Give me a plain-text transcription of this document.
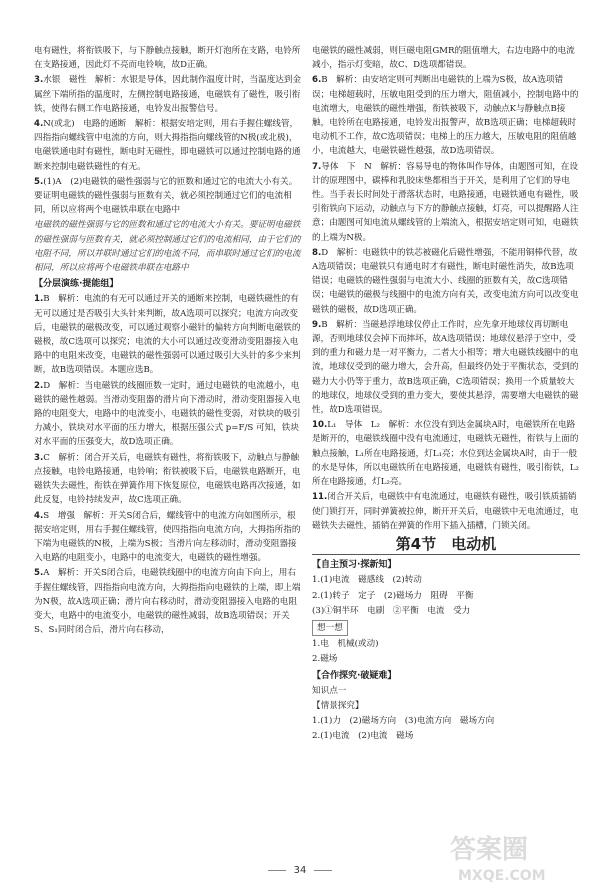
电有磁性，将衔铁吸下，与下静触点接触，断开灯泡所在支路，电铃所在支路接通，因此灯不亮而电铃响，故D正确。

3.水银　磁性　解析：水银是导体，因此制作温度计时，当温度达到金属丝下端所指的温度时，左侧控制电路接通，电磁铁有了磁性，吸引衔铁，使得右侧工作电路接通，电铃发出报警信号。

4.N(或北)　电路的通断　解析：根据安培定则，用右手握住螺线管，四指指向螺线管中电流的方向，则大拇指指向螺线管的N极(或北极)，电磁铁通电时有磁性，断电时无磁性，即电磁铁可以通过控制电路的通断来控制电磁铁磁性的有无。

5.(1)A　(2)电磁铁的磁性强弱与它的匝数和通过它的电流大小有关。要证明电磁铁的磁性强弱与匝数有关，就必须控制通过它们的电流相同，所以应将两个电磁铁串联在电路中

电磁铁的磁性强弱与它的匝数和通过它的电流大小有关。要证明电磁铁的磁性强弱与匝数有关，就必须控制通过它们的电流相同，由于它们的电阻不同，所以并联时通过它们的电流不同，而串联时通过它们的电流相同，所以应将两个电磁铁串联在电路中

【分层演练·提能组】

1.B　解析：电流的有无可以通过开关的通断来控制，电磁铁磁性的有无可以通过是否吸引大头针来判断，故A选项可以探究；电流方向改变后，电磁铁的磁极改变，可以通过观察小磁针的偏转方向判断电磁铁的磁极，故C选项可以探究；电流的大小可以通过改变滑动变阻器接入电路中的电阻来改变，电磁铁的磁性强弱可以通过吸引大头针的多少来判断，故B选项错误。本题应选B。

2.D　解析：当电磁铁的线圈匝数一定时，通过电磁铁的电流越小，电磁铁的磁性越弱。当滑动变阻器的滑片向下滑动时，滑动变阻器接入电路的电阻变大，电路中的电流变小，电磁铁的磁性变弱，对铁块的吸引力减小，铁块对水平面的压力增大，根据压强公式 p=F/S 可知，铁块对水平面的压强变大，故D选项正确。

3.C　解析：闭合开关后，电磁铁有磁性，将衔铁吸下，动触点与静触点接触，电铃电路接通，电铃响；衔铁被吸下后，电磁铁电路断开，电磁铁失去磁性，衔铁在弹簧作用下恢复原位，电磁铁电路再次接通，如此反复，电铃持续发声，故C选项正确。

4.S　增强　解析：开关S闭合后，螺线管中的电流方向如图所示，根据安培定则，用右手握住螺线管，使四指指向电流方向，大拇指所指的下端为电磁铁的N极，上端为S极；当滑片向左移动时，滑动变阻器接入电路的电阻变小，电路中的电流变大，电磁铁的磁性增强。

5.A　解析：开关S闭合后，电磁铁线圈中的电流方向由下向上，用右手握住螺线管，四指指向电流方向，大拇指指向电磁铁的上端，即上端为N极，故A选项正确；滑片向右移动时，滑动变阻器接入电路的电阻变大，电路中的电流变小，电磁铁的磁性减弱，故B选项错误；开关S、S₁同时闭合后，滑片向右移动，

电磁铁的磁性减弱，则巨磁电阻GMR的阻值增大，右边电路中的电流减小，指示灯变暗，故C、D选项都错误。

6.B　解析：由安培定则可判断出电磁铁的上端为S极，故A选项错误；电梯超载时，压敏电阻受到的压力增大，阻值减小，控制电路中的电流增大，电磁铁的磁性增强，衔铁被吸下，动触点K与静触点B接触，电铃所在电路接通，电铃发出报警声，故B选项正确；电梯超载时电动机不工作，故C选项错误；电梯上的压力越大，压敏电阻的阻值越小，电流越大，电磁铁磁性越强，故D选项错误。

7.导体　下　N　解析：容易导电的物体叫作导体，由题图可知，在设计的原理图中，碳棒和乳胶床垫都相当于开关，是利用了它们的导电性。当手表长时间处于滑落状态时，电路接通，电磁铁通电有磁性，吸引衔铁向下运动，动触点与下方的静触点接触，灯亮，可以提醒路人注意；由题图可知电流从螺线管的上端流入，根据安培定则可知，电磁铁的上端为N极。

8.D　解析：电磁铁中的铁芯被磁化后磁性增强，不能用铜棒代替，故A选项错误；电磁铁只有通电时才有磁性，断电时磁性消失，故B选项错误；电磁铁的磁性强弱与电流大小、线圈的匝数有关，故C选项错误；电磁铁的磁极与线圈中的电流方向有关，改变电流方向可以改变电磁铁的磁极，故D选项正确。

9.B　解析：当磁悬浮地球仪停止工作时，应先拿开地球仪再切断电源，否则地球仪会掉下而摔坏，故A选项错误；地球仪悬浮于空中，受到的重力和磁力是一对平衡力，二者大小相等；增大电磁铁线圈中的电流，地球仪受到的磁力增大，会升高，但最终仍处于平衡状态，受到的磁力大小仍等于重力，故B选项正确，C选项错误；换用一个质量较大的地球仪，地球仪受到的重力变大，要使其悬浮，需要增大电磁铁的磁性，故D选项错误。

10.L₁　导体　L₂　解析：水位没有到达金属块A时，电磁铁所在电路是断开的，电磁铁线圈中没有电流通过，电磁铁无磁性，衔铁与上面的触点接触，L₁所在电路接通，灯L₁亮；水位到达金属块A时，由于一般的水是导体，所以电磁铁所在电路接通，电磁铁有磁性，吸引衔铁，L₂所在电路接通，灯L₂亮。

11.闭合开关后，电磁铁中有电流通过，电磁铁有磁性，吸引铁质插销使门锁打开，同时弹簧被拉伸，断开开关后，电磁铁中无电流通过，电磁铁失去磁性，插销在弹簧的作用下插入插槽，门锁关闭。

第4节　电动机
【自主预习·探新知】

1.(1)电流　磁感线　(2)转动

2.(1)转子　定子　(2)磁场力　阻碍　平衡

(3)①铜半环　电刷　②平衡　电流　受力

想一想

1.电　机械(或动)

2.磁场

【合作探究·破疑难】

知识点一

【情景探究】

1.(1)力　(2)磁场方向　(3)电流方向　磁场方向

2.(1)电流　(2)电流　磁场

34
答案圈
MXQE.COM
